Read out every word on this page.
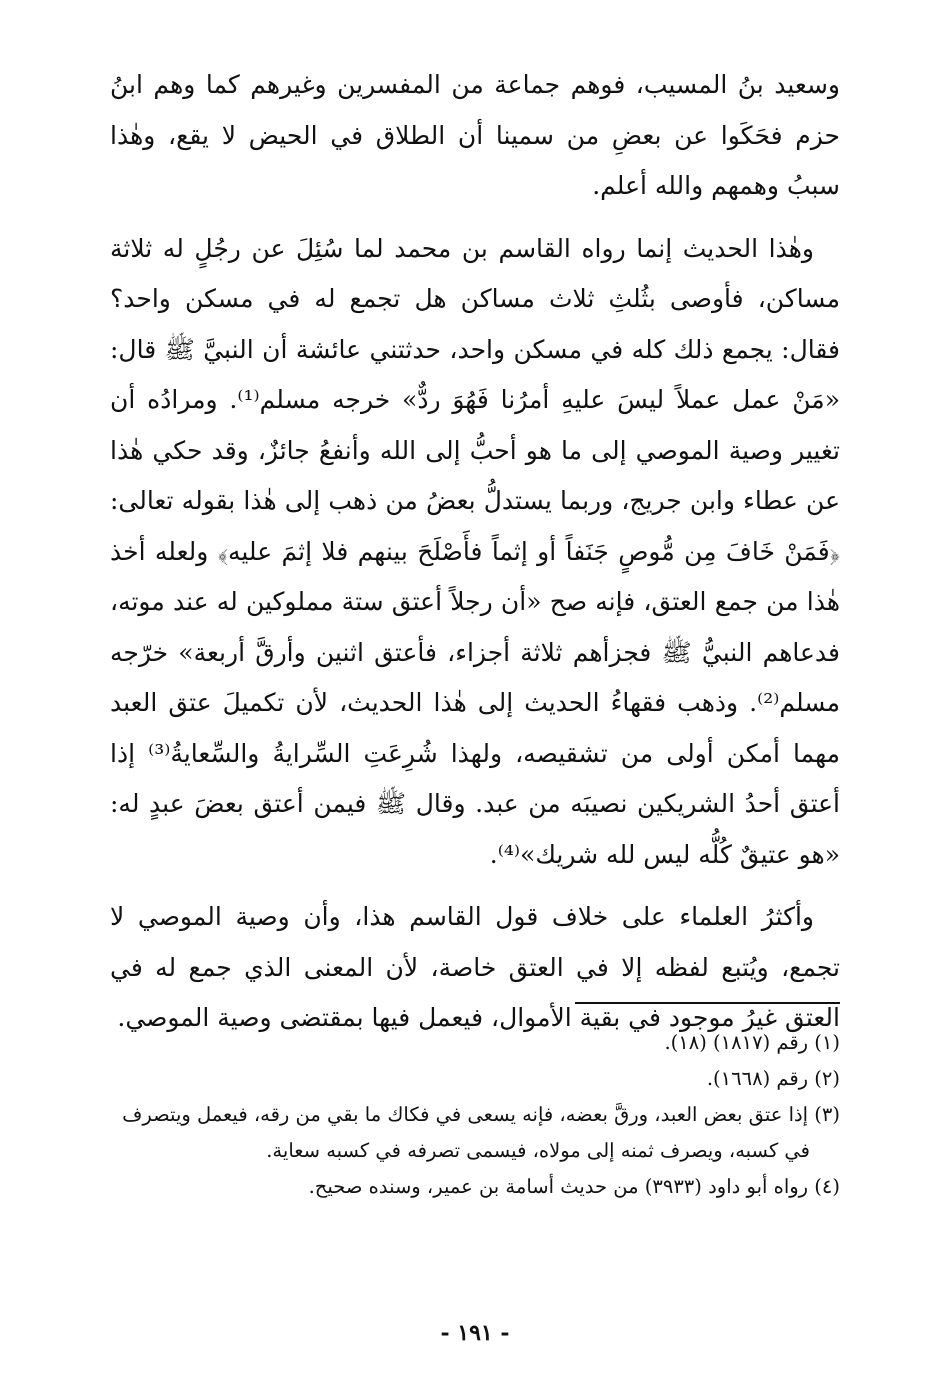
وسعيد بنُ المسيب، فوهم جماعة من المفسرين وغيرهم كما وهم ابنُ حزم فحَكَوا عن بعضِ من سمينا أن الطلاق في الحيض لا يقع، وهٰذا سببُ وهمهم والله أعلم.

وهٰذا الحديث إنما رواه القاسم بن محمد لما سُئِلَ عن رجُلٍ له ثلاثة مساكن، فأوصى بثُلثِ ثلاث مساكن هل تجمع له في مسكن واحد؟ فقال: يجمع ذلك كله في مسكن واحد، حدثتني عائشة أن النبيَّ ﷺ قال: «مَنْ عمل عملاً ليسَ عليهِ أمرُنا فَهُوَ ردٌّ» خرجه مسلم⁽¹⁾. ومرادُه أن تغيير وصية الموصي إلى ما هو أحبُّ إلى الله وأنفعُ جائزٌ، وقد حكي هٰذا عن عطاء وابن جريج، وربما يستدلُّ بعضُ من ذهب إلى هٰذا بقوله تعالى: ﴿فَمَنْ خَافَ مِن مُّوصٍ جَنَفاً أو إثماً فأَصْلَحَ بينهم فلا إثمَ عليه﴾ ولعله أخذ هٰذا من جمع العتق، فإنه صح «أن رجلاً أعتق ستة مملوكين له عند موته، فدعاهم النبيُّ ﷺ فجزأهم ثلاثة أجزاء، فأعتق اثنين وأرقَّ أربعة» خرّجه مسلم⁽²⁾. وذهب فقهاءُ الحديث إلى هٰذا الحديث، لأن تكميلَ عتق العبد مهما أمكن أولى من تشقيصه، ولهذا شُرِعَتِ السِّرايةُ والسِّعايةُ⁽³⁾ إذا أعتق أحدُ الشريكين نصيبَه من عبد. وقال ﷺ فيمن أعتق بعضَ عبدٍ له: «هو عتيقٌ كُلُّه ليس لله شريك»⁽⁴⁾.

وأكثرُ العلماء على خلاف قول القاسم هذا، وأن وصية الموصي لا تجمع، ويُتبع لفظه إلا في العتق خاصة، لأن المعنى الذي جمع له في العتق غيرُ موجود في بقية الأموال، فيعمل فيها بمقتضى وصية الموصي.

(١) رقم (١٨١٧) (١٨).

(٢) رقم (١٦٦٨).

(٣) إذا عتق بعض العبد، ورقَّ بعضه، فإنه يسعى في فكاك ما بقي من رقه، فيعمل ويتصرف

في كسبه، ويصرف ثمنه إلى مولاه، فيسمى تصرفه في كسبه سعاية.

(٤) رواه أبو داود (٣٩٣٣) من حديث أسامة بن عمير، وسنده صحيح.

- ١٩١ -
